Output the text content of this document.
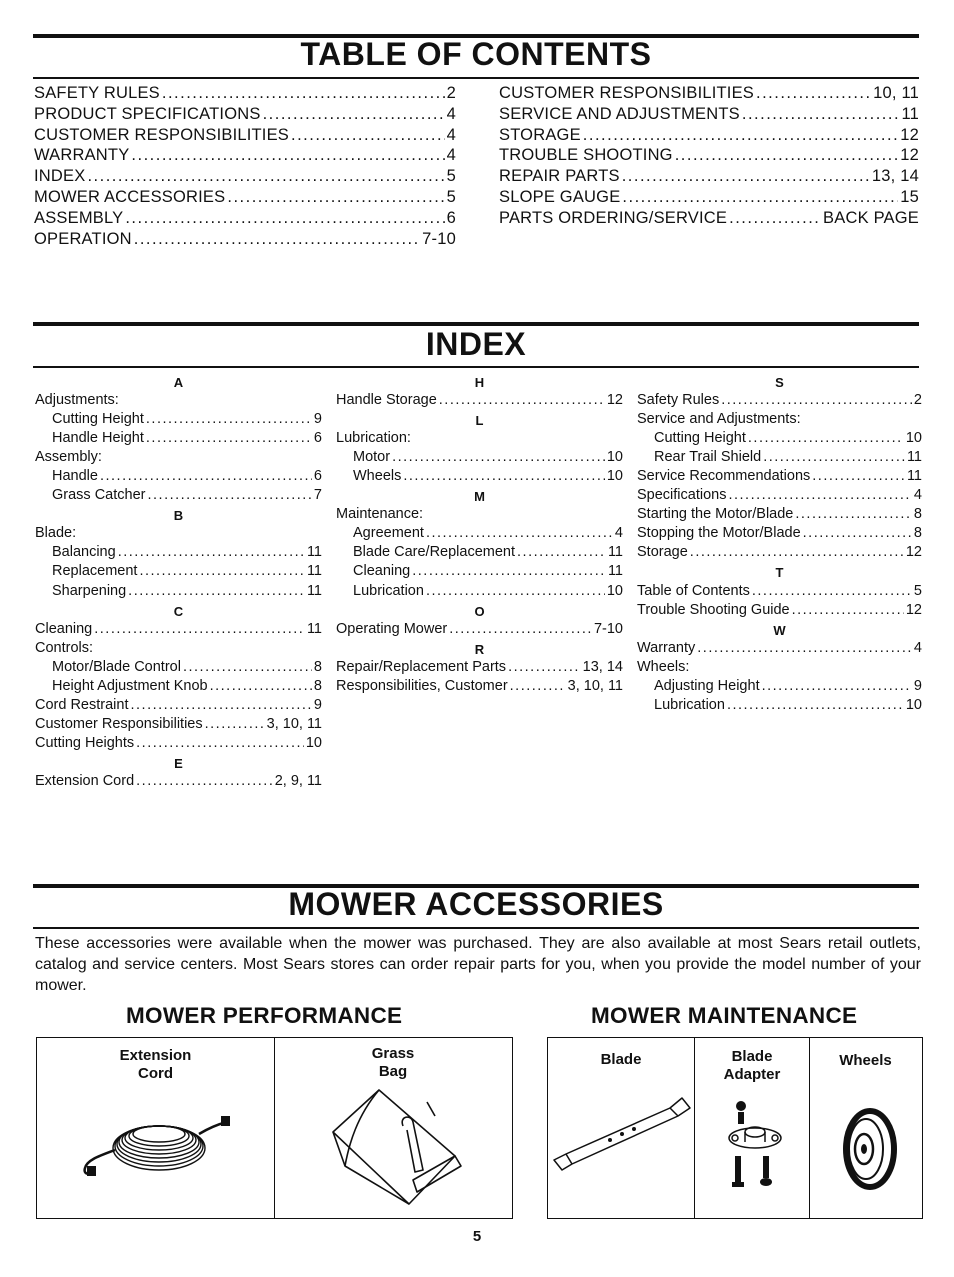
TABLE OF CONTENTS
SAFETY RULES .....	2
PRODUCT SPECIFICATIONS .....	4
CUSTOMER RESPONSIBILITIES .....	4
WARRANTY .....	4
INDEX .....	5
MOWER ACCESSORIES .....	5
ASSEMBLY .....	6
OPERATION .....	7-10
CUSTOMER RESPONSIBILITIES .....	10, 11
SERVICE AND ADJUSTMENTS .....	11
STORAGE .....	12
TROUBLE SHOOTING .....	12
REPAIR PARTS .....	13, 14
SLOPE GAUGE .....	15
PARTS ORDERING/SERVICE .....	BACK PAGE
INDEX
A
Adjustments:
Cutting Height .....	9
Handle Height .....	6
Assembly:
Handle .....	6
Grass Catcher .....	7
B
Blade:
Balancing .....	11
Replacement .....	11
Sharpening .....	11
C
Cleaning .....	11
Controls:
Motor/Blade Control .....	8
Height Adjustment Knob .....	8
Cord Restraint .....	9
Customer Responsibilities .....	3, 10, 11
Cutting Heights .....	10
E
Extension Cord .....	2, 9, 11
H
Handle Storage .....	12
L
Lubrication:
Motor .....	10
Wheels .....	10
M
Maintenance:
Agreement .....	4
Blade Care/Replacement .....	11
Cleaning .....	11
Lubrication .....	10
O
Operating Mower .....	7-10
R
Repair/Replacement Parts .....	13, 14
Responsibilities, Customer .....	3, 10, 11
S
Safety Rules .....	2
Service and Adjustments:
Cutting Height .....	10
Rear Trail Shield .....	11
Service Recommendations .....	11
Specifications .....	4
Starting the Motor/Blade .....	8
Stopping the Motor/Blade .....	8
Storage .....	12
T
Table of Contents .....	5
Trouble Shooting Guide .....	12
W
Warranty .....	4
Wheels:
Adjusting Height .....	9
Lubrication .....	10
MOWER ACCESSORIES
These accessories were available when the mower was purchased. They are also available at most Sears retail outlets, catalog and service centers. Most Sears stores can order repair parts for you, when you provide the model number of your mower.
MOWER PERFORMANCE	MOWER MAINTENANCE
Extension
Cord
Grass
Bag
Blade	Blade
Adapter
Wheels
5
